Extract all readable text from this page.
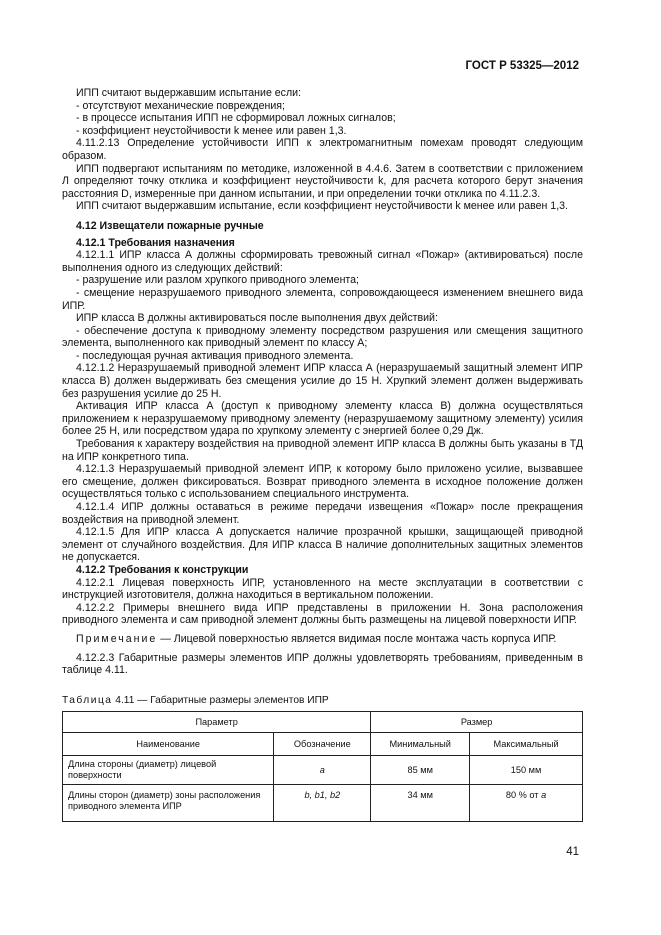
ГОСТ Р 53325—2012

ИПП считают выдержавшим испытание если:

- отсутствуют механические повреждения;

- в процессе испытания ИПП не сформировал ложных сигналов;

- коэффициент неустойчивости k менее или равен 1,3.

4.11.2.13 Определение устойчивости ИПП к электромагнитным помехам проводят следующим образом.

ИПП подвергают испытаниям по методике, изложенной в 4.4.6. Затем в соответствии с приложением Л определяют точку отклика и коэффициент неустойчивости k, для расчета которого берут значения расстояния D, измеренные при данном испытании, и при определении точки отклика по 4.11.2.3.

ИПП считают выдержавшим испытание, если коэффициент неустойчивости k менее или равен 1,3.

4.12 Извещатели пожарные ручные

4.12.1 Требования назначения

4.12.1.1 ИПР класса А должны сформировать тревожный сигнал «Пожар» (активироваться) после выполнения одного из следующих действий:

- разрушение или разлом хрупкого приводного элемента;

- смещение неразрушаемого приводного элемента, сопровождающееся изменением внешнего вида ИПР.

ИПР класса В должны активироваться после выполнения двух действий:

- обеспечение доступа к приводному элементу посредством разрушения или смещения защитного элемента, выполненного как приводный элемент по классу А;

- последующая ручная активация приводного элемента.

4.12.1.2 Неразрушаемый приводной элемент ИПР класса А (неразрушаемый защитный элемент ИПР класса В) должен выдерживать без смещения усилие до 15 Н. Хрупкий элемент должен выдерживать без разрушения усилие до 25 Н.

Активация ИПР класса А (доступ к приводному элементу класса В) должна осуществляться приложением к неразрушаемому приводному элементу (неразрушаемому защитному элементу) усилия более 25 Н, или посредством удара по хрупкому элементу с энергией более 0,29 Дж.

Требования к характеру воздействия на приводной элемент ИПР класса В должны быть указаны в ТД на ИПР конкретного типа.

4.12.1.3 Неразрушаемый приводной элемент ИПР, к которому было приложено усилие, вызвавшее его смещение, должен фиксироваться. Возврат приводного элемента в исходное положение должен осуществляться только с использованием специального инструмента.

4.12.1.4 ИПР должны оставаться в режиме передачи извещения «Пожар» после прекращения воздействия на приводной элемент.

4.12.1.5 Для ИПР класса А допускается наличие прозрачной крышки, защищающей приводной элемент от случайного воздействия. Для ИПР класса В наличие дополнительных защитных элементов не допускается.

4.12.2 Требования к конструкции

4.12.2.1 Лицевая поверхность ИПР, установленного на месте эксплуатации в соответствии с инструкцией изготовителя, должна находиться в вертикальном положении.

4.12.2.2 Примеры внешнего вида ИПР представлены в приложении Н. Зона расположения приводного элемента и сам приводной элемент должны быть размещены на лицевой поверхности ИПР.

Примечание — Лицевой поверхностью является видимая после монтажа часть корпуса ИПР.

4.12.2.3 Габаритные размеры элементов ИПР должны удовлетворять требованиям, приведенным в таблице 4.11.

Таблица 4.11 — Габаритные размеры элементов ИПР

Параметр		Размер	
Наименование	Обозначение	Минимальный	Максимальный
Длина стороны (диаметр) лицевой поверхности	a	85 мм	150 мм
Длины сторон (диаметр) зоны расположения приводного элемента ИПР	b, b1, b2	34 мм	80 % от a
41
